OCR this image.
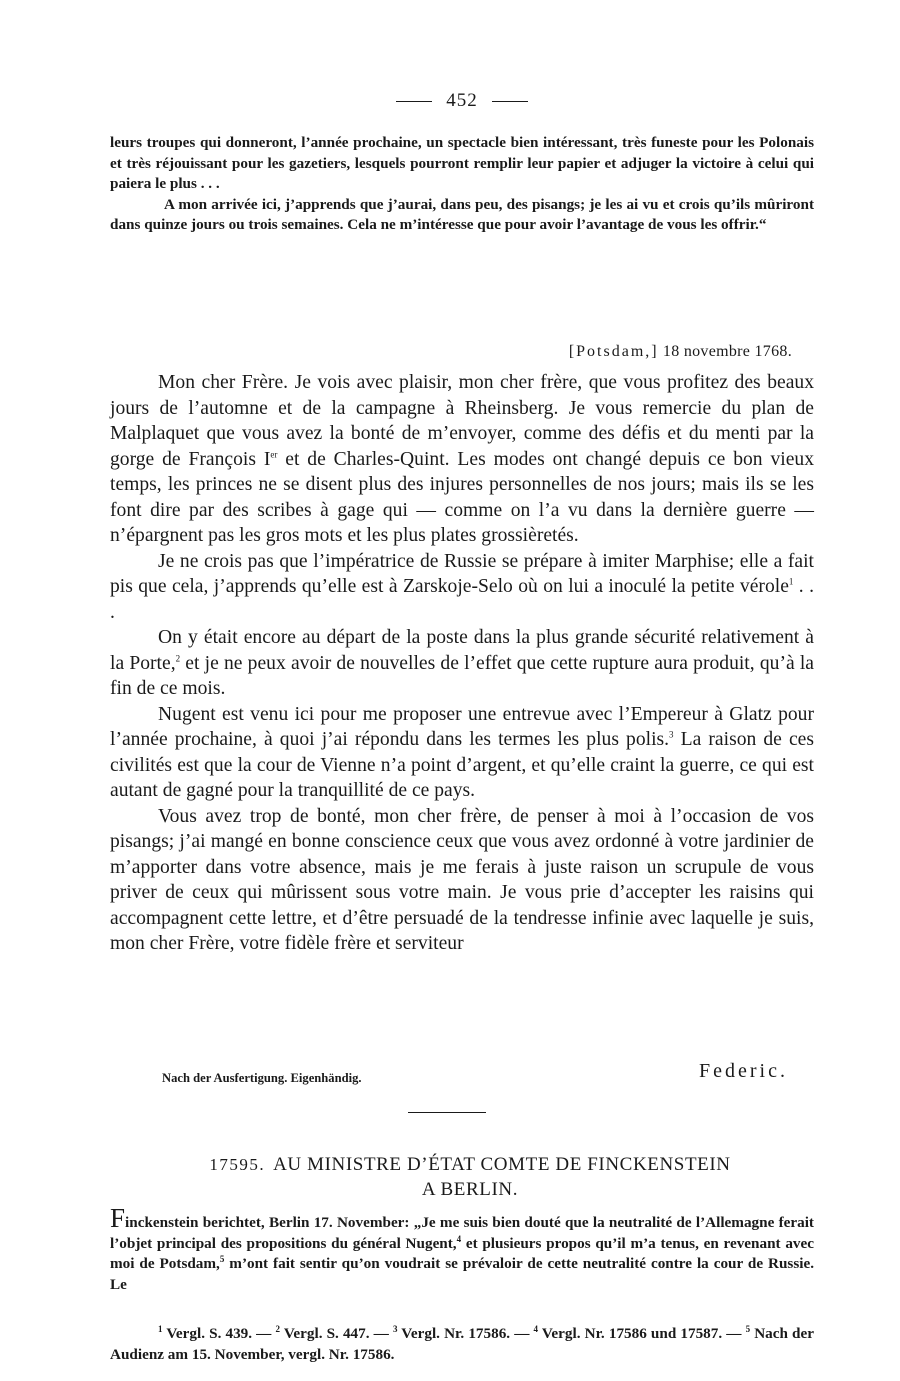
452

leurs troupes qui donneront, l’année prochaine, un spectacle bien intéressant, très funeste pour les Polonais et très réjouissant pour les gazetiers, lesquels pourront remplir leur papier et adjuger la victoire à celui qui paiera le plus . . .

A mon arrivée ici, j’apprends que j’aurai, dans peu, des pisangs; je les ai vu et crois qu’ils mûriront dans quinze jours ou trois semaines. Cela ne m’intéresse que pour avoir l’avantage de vous les offrir.“

[Potsdam,] 18 novembre 1768.

Mon cher Frère. Je vois avec plaisir, mon cher frère, que vous profitez des beaux jours de l’automne et de la campagne à Rheinsberg. Je vous remercie du plan de Malplaquet que vous avez la bonté de m’envoyer, comme des défis et du menti par la gorge de François Ier et de Charles-Quint. Les modes ont changé depuis ce bon vieux temps, les princes ne se disent plus des injures personnelles de nos jours; mais ils se les font dire par des scribes à gage qui — comme on l’a vu dans la dernière guerre — n’épargnent pas les gros mots et les plus plates grossièretés.

Je ne crois pas que l’impératrice de Russie se prépare à imiter Marphise; elle a fait pis que cela, j’apprends qu’elle est à Zarskoje-Selo où on lui a inoculé la petite vérole$^1$ . . .

On y était encore au départ de la poste dans la plus grande sécurité relativement à la Porte,$^2$ et je ne peux avoir de nouvelles de l’effet que cette rupture aura produit, qu’à la fin de ce mois.

Nugent est venu ici pour me proposer une entrevue avec l’Empereur à Glatz pour l’année prochaine, à quoi j’ai répondu dans les termes les plus polis.$^3$ La raison de ces civilités est que la cour de Vienne n’a point d’argent, et qu’elle craint la guerre, ce qui est autant de gagné pour la tranquillité de ce pays.

Vous avez trop de bonté, mon cher frère, de penser à moi à l’occasion de vos pisangs; j’ai mangé en bonne conscience ceux que vous avez ordonné à votre jardinier de m’apporter dans votre absence, mais je me ferais à juste raison un scrupule de vous priver de ceux qui mûrissent sous votre main. Je vous prie d’accepter les raisins qui accompagnent cette lettre, et d’être persuadé de la tendresse infinie avec laquelle je suis, mon cher Frère, votre fidèle frère et serviteur

Nach der Ausfertigung. Eigenhändig.	Federic.
17595. AU MINISTRE D’ÉTAT COMTE DE FINCKENSTEIN
A BERLIN.

Finckenstein berichtet, Berlin 17. November: „Je me suis bien douté que la neutralité de l’Allemagne ferait l’objet principal des propositions du général Nugent,$^4$ et plusieurs propos qu’il m’a tenus, en revenant avec moi de Potsdam,$^5$ m’ont fait sentir qu’on voudrait se prévaloir de cette neutralité contre la cour de Russie. Le

$^1$ Vergl. S. 439. — $^2$ Vergl. S. 447. — $^3$ Vergl. Nr. 17586. — $^4$ Vergl. Nr. 17586 und 17587. — $^5$ Nach der Audienz am 15. November, vergl. Nr. 17586.
